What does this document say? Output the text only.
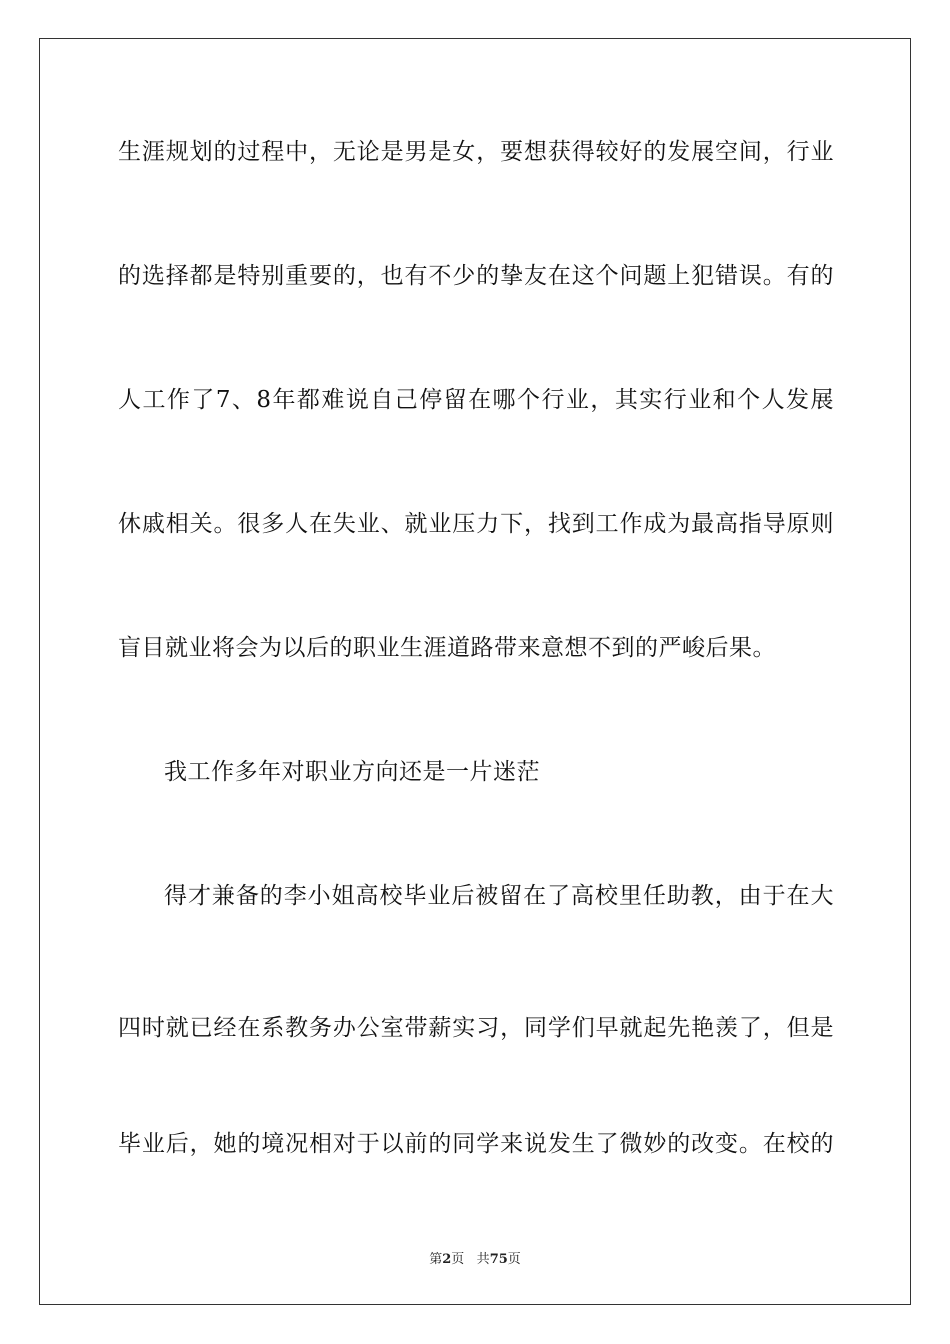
生涯规划的过程中，无论是男是女，要想获得较好的发展空间，行业
的选择都是特别重要的，也有不少的挚友在这个问题上犯错误。有的
人工作了7、8年都难说自己停留在哪个行业，其实行业和个人发展
休戚相关。很多人在失业、就业压力下，找到工作成为最高指导原则
盲目就业将会为以后的职业生涯道路带来意想不到的严峻后果。
我工作多年对职业方向还是一片迷茫
得才兼备的李小姐高校毕业后被留在了高校里任助教，由于在大
四时就已经在系教务办公室带薪实习，同学们早就起先艳羡了，但是
毕业后，她的境况相对于以前的同学来说发生了微妙的改变。在校的
第2页 共75页
